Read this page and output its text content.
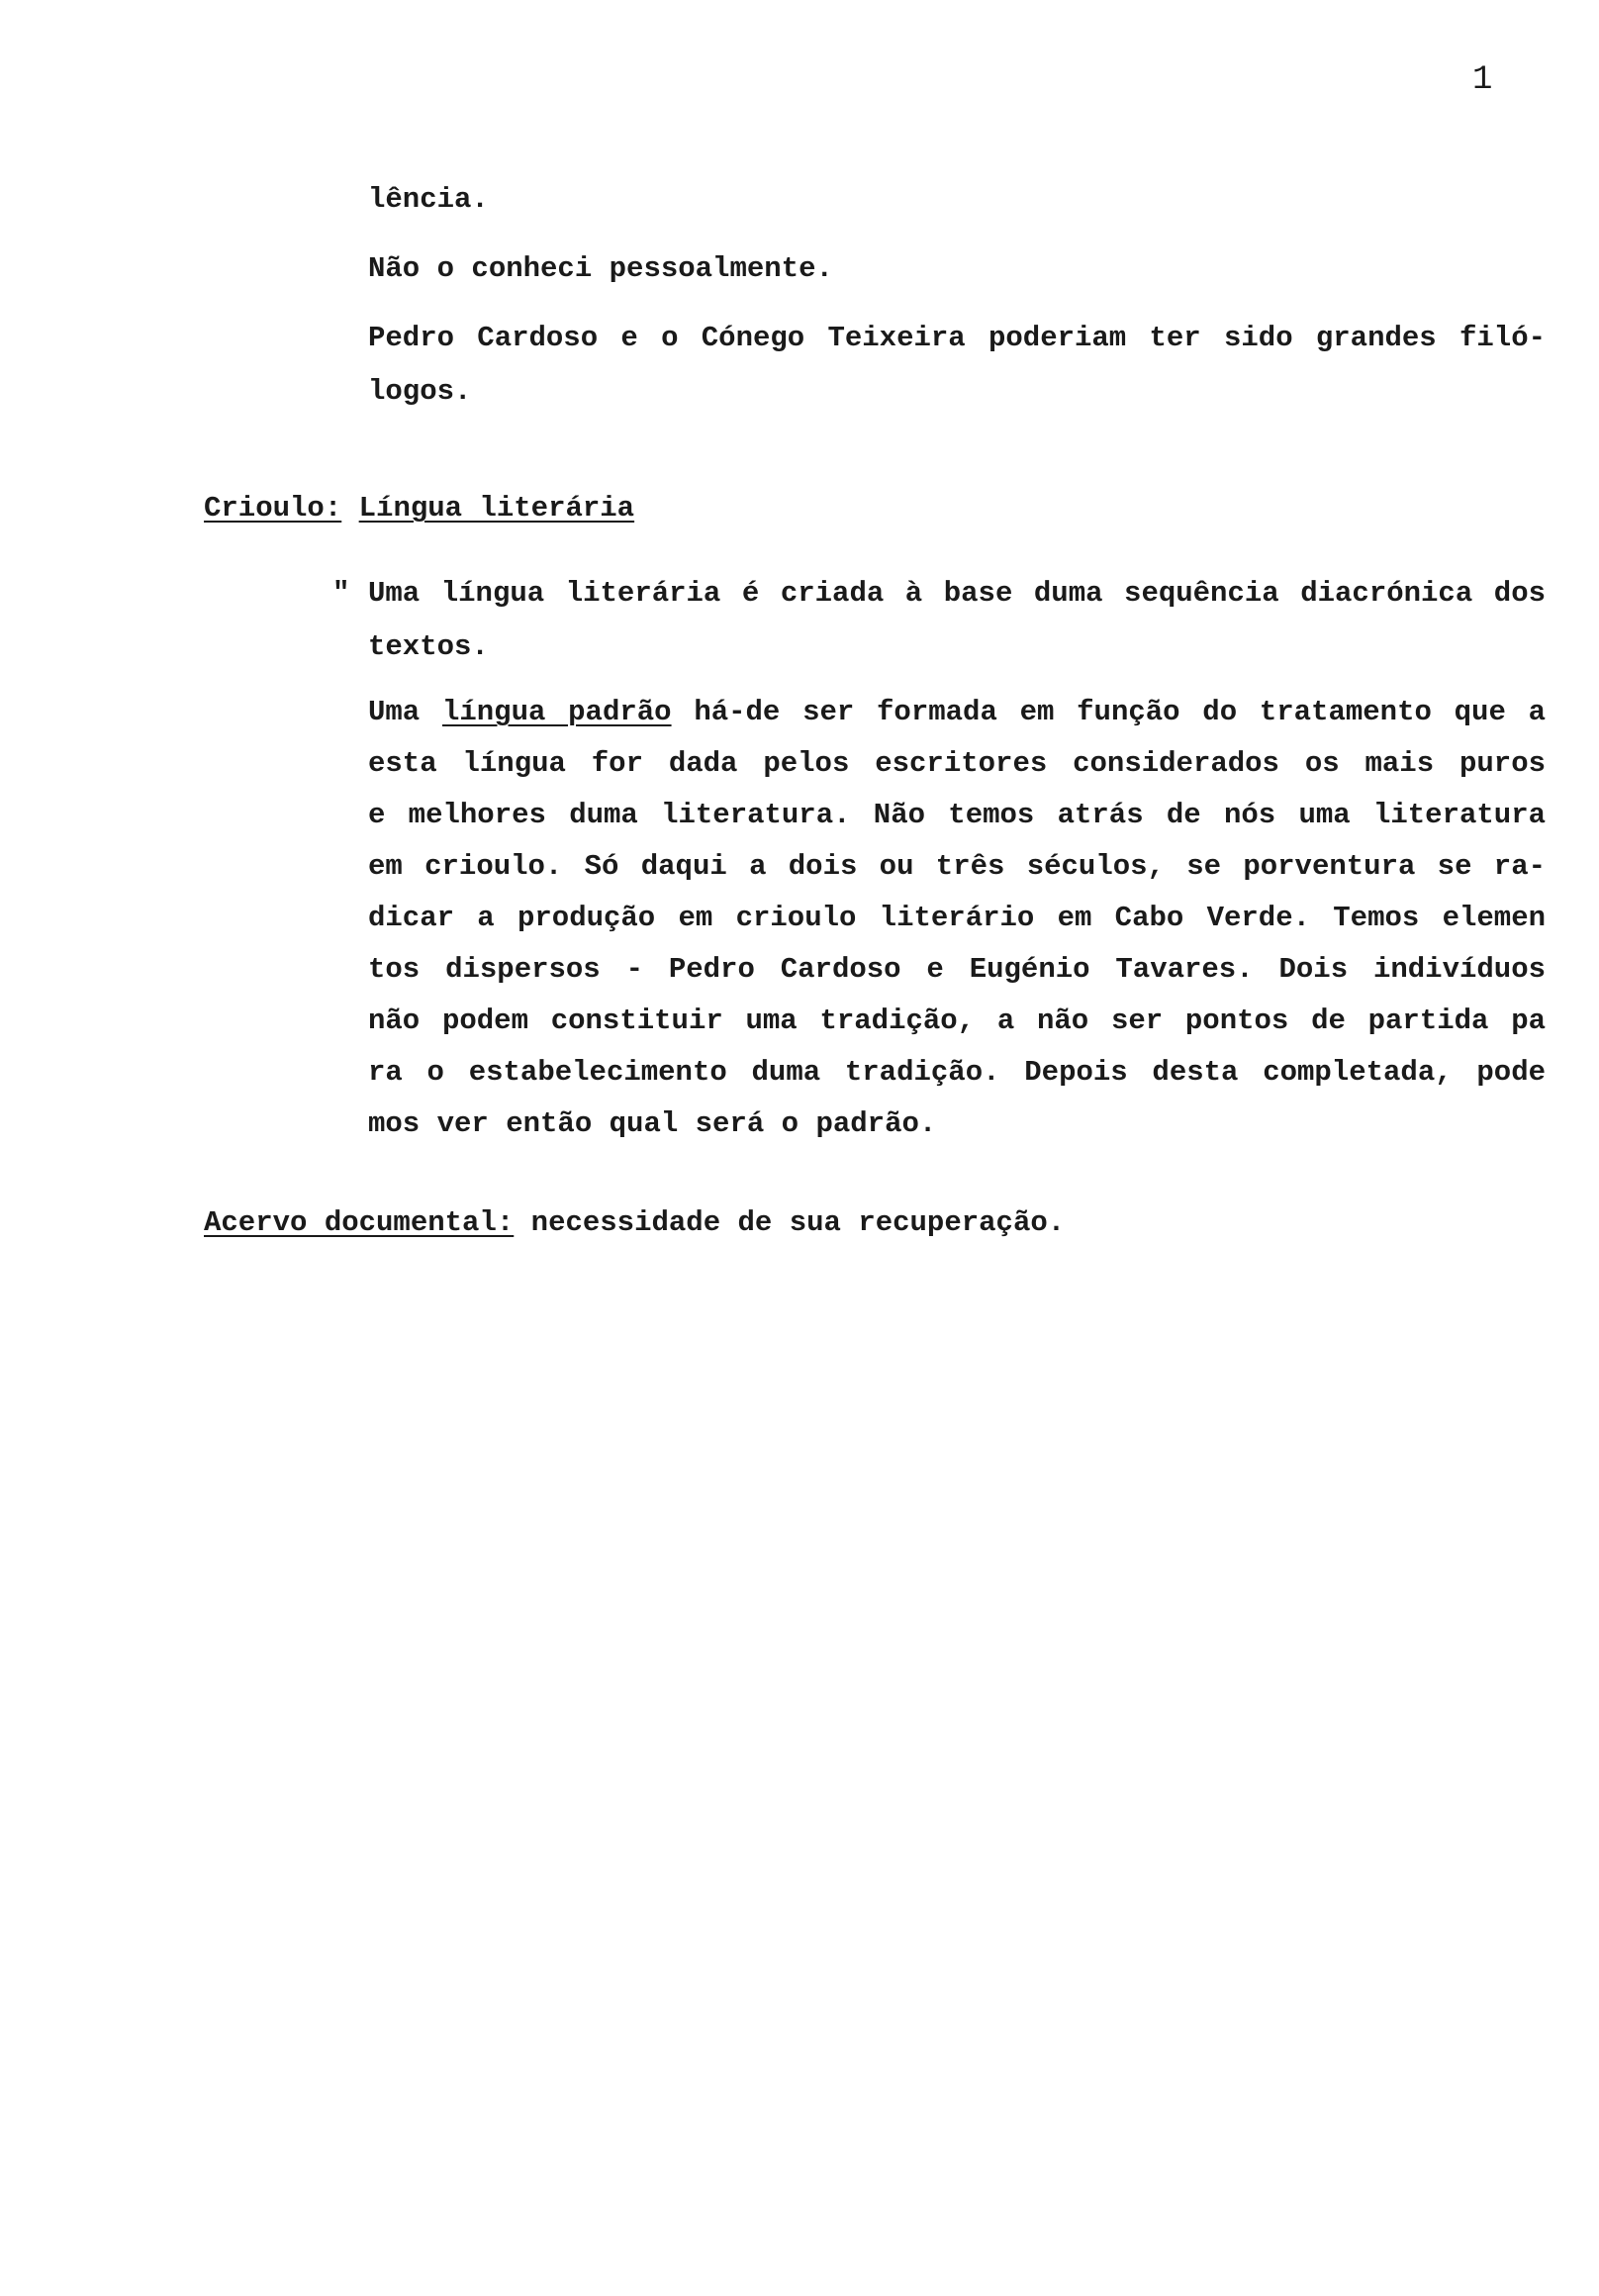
1
lência.
Não o conheci pessoalmente.
Pedro Cardoso e o Cónego Teixeira poderiam ter sido grandes filó-
logos.
Crioulo: Língua literária
" Uma língua literária é criada à base duma sequência diacrónica dos
textos.
Uma língua padrão há-de ser formada em função do tratamento que a
esta língua for dada pelos escritores considerados os mais puros
e melhores duma literatura. Não temos atrás de nós uma literatura
em crioulo. Só daqui a dois ou três séculos, se porventura se ra-
dicar a produção em crioulo literário em Cabo Verde. Temos elemen
tos dispersos - Pedro Cardoso e Eugénio Tavares. Dois indivíduos
não podem constituir uma tradição, a não ser pontos de partida pa
ra o estabelecimento duma tradição. Depois desta completada, pode
mos ver então qual será o padrão.
Acervo documental: necessidade de sua recuperação.
